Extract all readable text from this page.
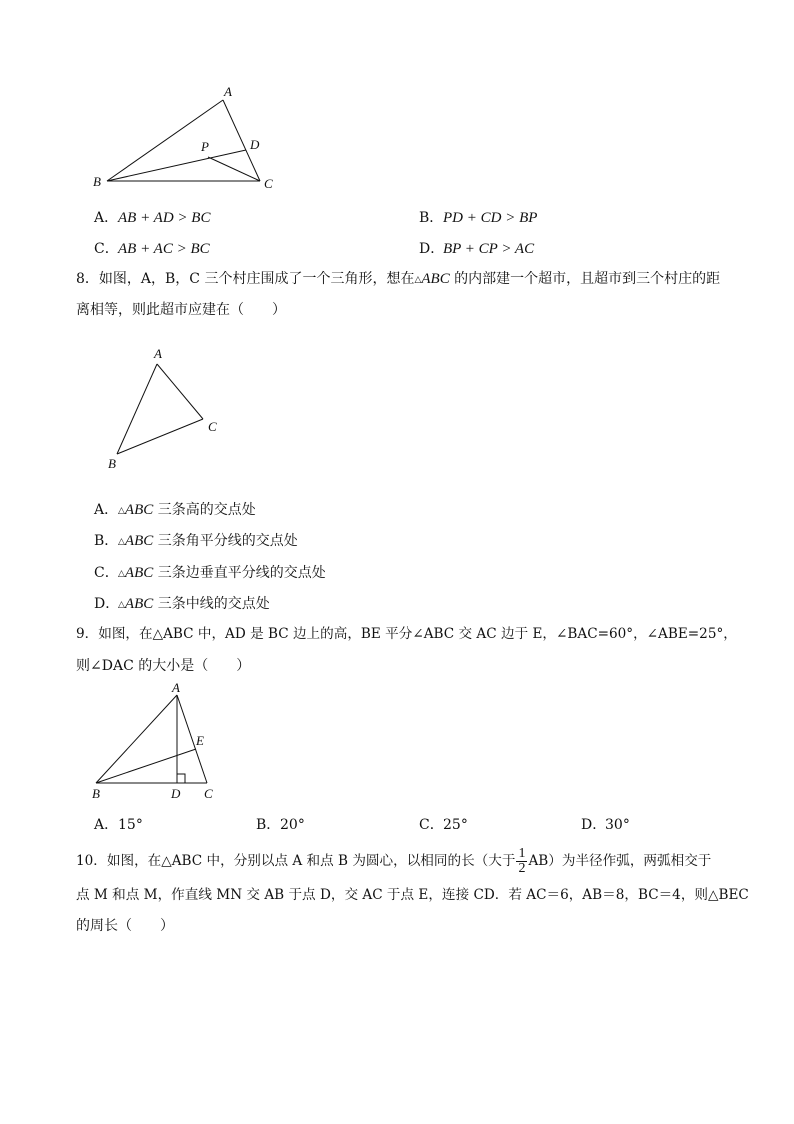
A
B	C
D
P
A．AB + AD > BC	B．PD + CD > BP
C．AB + AC > BC	D．BP + CP > AC
8．如图，A，B，C 三个村庄围成了一个三角形，想在△ABC 的内部建一个超市，且超市到三个村庄的距
离相等，则此超市应建在（　　）
A
B
C
A．△ABC 三条高的交点处
B．△ABC 三条角平分线的交点处
C．△ABC 三条边垂直平分线的交点处
D．△ABC 三条中线的交点处
9．如图，在△ABC 中，AD 是 BC 边上的高，BE 平分∠ABC 交 AC 边于 E，∠BAC=60°，∠ABE=25°，
则∠DAC 的大小是（　　）
A
B	C
D
E
A．15°	B．20°	C．25°	D．30°
10．如图，在△ABC 中，分别以点 A 和点 B 为圆心，以相同的长（大于 $\frac{1}{2} AB$）为半径作弧，两弧相交于
点 M 和点 M，作直线 MN 交 AB 于点 D，交 AC 于点 E，连接 CD．若 AC＝6，AB＝8，BC＝4，则△BEC
的周长（　　）
